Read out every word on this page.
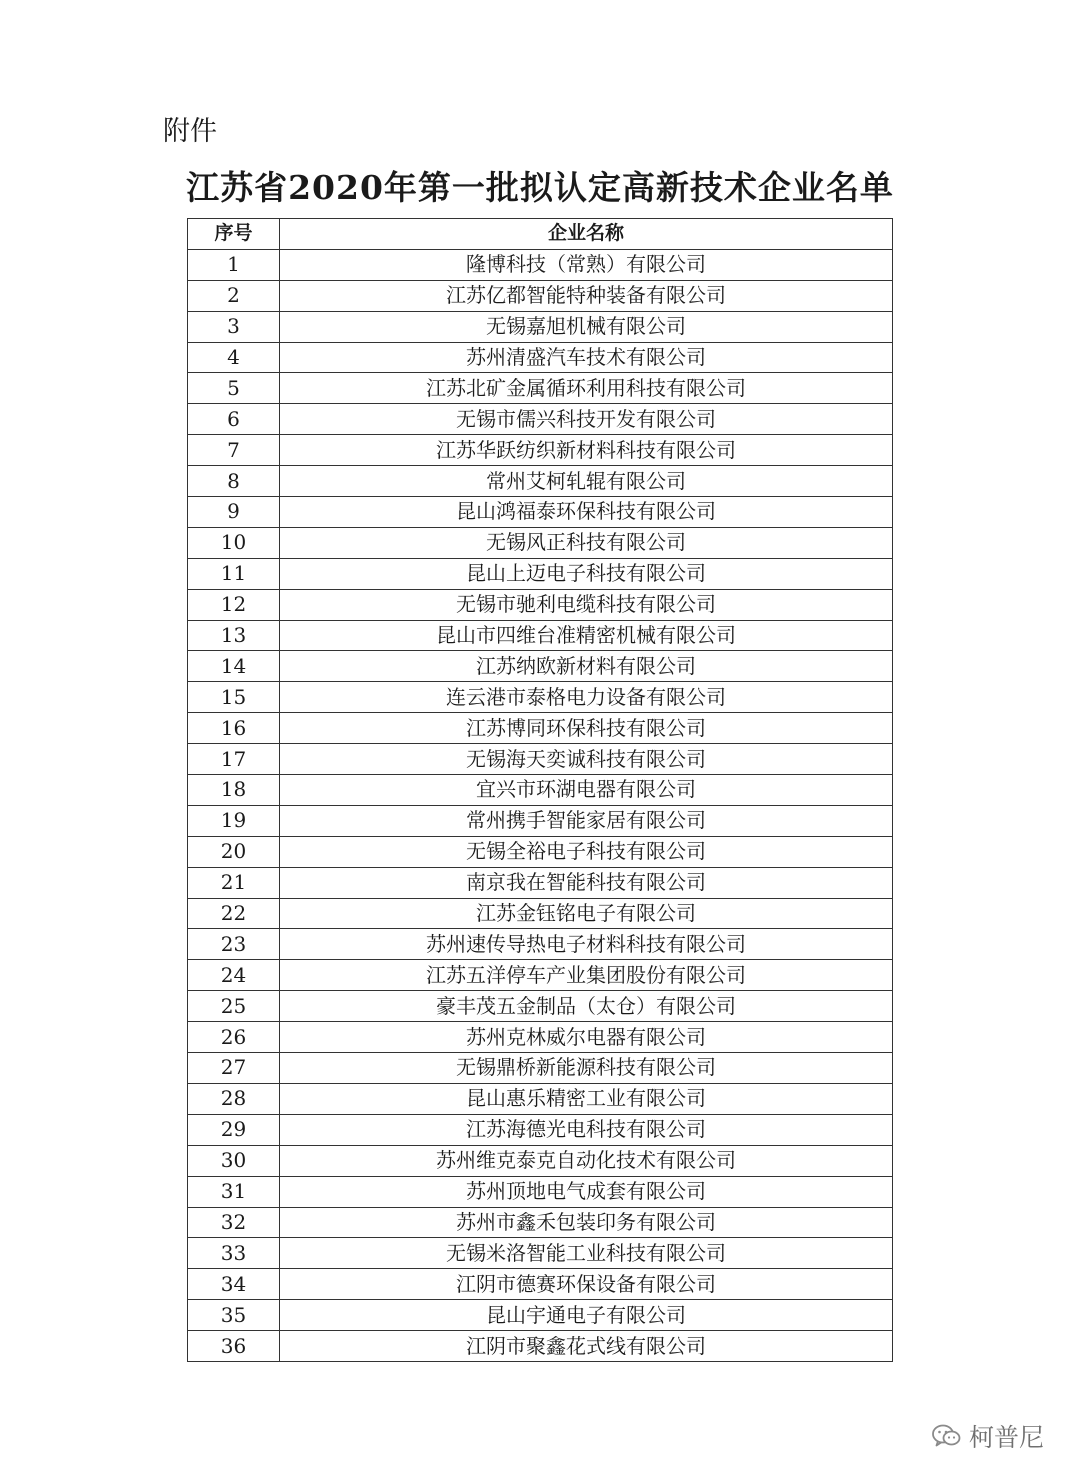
附件
江苏省2020年第一批拟认定高新技术企业名单
序号	企业名称
1	隆博科技（常熟）有限公司
2	江苏亿都智能特种装备有限公司
3	无锡嘉旭机械有限公司
4	苏州清盛汽车技术有限公司
5	江苏北矿金属循环利用科技有限公司
6	无锡市儒兴科技开发有限公司
7	江苏华跃纺织新材料科技有限公司
8	常州艾柯轧辊有限公司
9	昆山鸿福泰环保科技有限公司
10	无锡风正科技有限公司
11	昆山上迈电子科技有限公司
12	无锡市驰利电缆科技有限公司
13	昆山市四维台准精密机械有限公司
14	江苏纳欧新材料有限公司
15	连云港市泰格电力设备有限公司
16	江苏博同环保科技有限公司
17	无锡海天奕诚科技有限公司
18	宜兴市环湖电器有限公司
19	常州携手智能家居有限公司
20	无锡全裕电子科技有限公司
21	南京我在智能科技有限公司
22	江苏金钰铭电子有限公司
23	苏州速传导热电子材料科技有限公司
24	江苏五洋停车产业集团股份有限公司
25	豪丰茂五金制品（太仓）有限公司
26	苏州克林威尔电器有限公司
27	无锡鼎桥新能源科技有限公司
28	昆山惠乐精密工业有限公司
29	江苏海德光电科技有限公司
30	苏州维克泰克自动化技术有限公司
31	苏州顶地电气成套有限公司
32	苏州市鑫禾包装印务有限公司
33	无锡米洛智能工业科技有限公司
34	江阴市德赛环保设备有限公司
35	昆山宇通电子有限公司
36	江阴市聚鑫花式线有限公司
柯普尼
